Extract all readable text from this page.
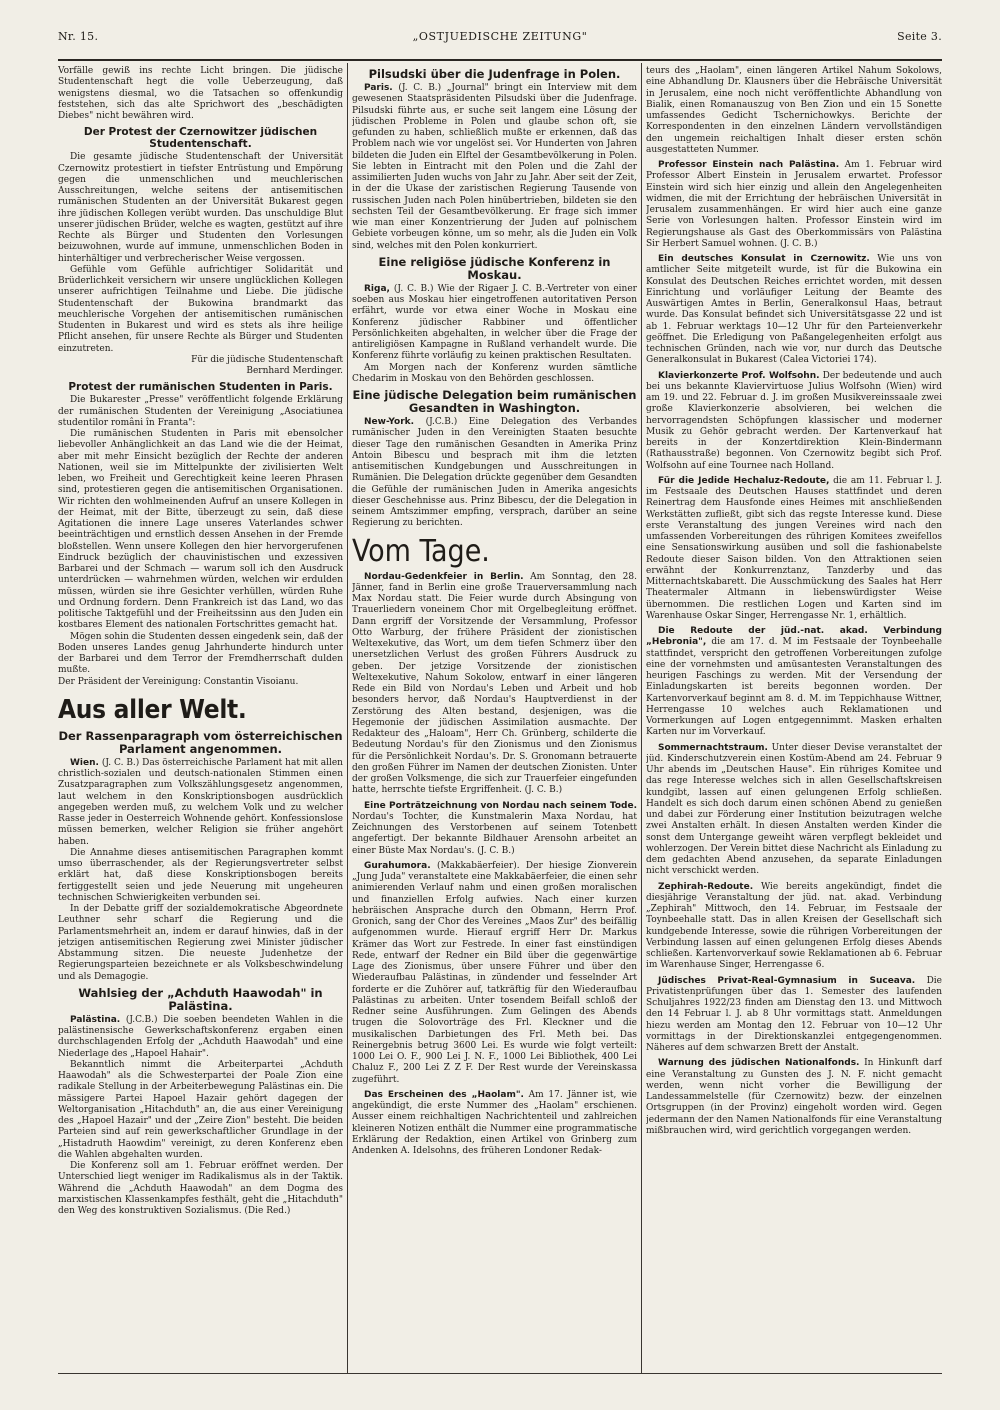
Nr. 15.	„OSTJUEDISCHE ZEITUNG"	Seite 3.

Vorfälle gewiß ins rechte Licht bringen. Die jüdische Studentenschaft hegt die volle Ueberzeugung, daß wenigstens diesmal, wo die Tatsachen so offenkundig feststehen, sich das alte Sprichwort des „beschädigten Diebes" nicht bewähren wird.

Der Protest der Czernowitzer jüdischen Studentenschaft.

Die gesamte jüdische Studentenschaft der Universität Czernowitz protestiert in tiefster Entrüstung und Empörung gegen die unmenschlichen und meuchlerischen Ausschreitungen, welche seitens der antisemitischen rumänischen Studenten an der Universität Bukarest gegen ihre jüdischen Kollegen verübt wurden. Das unschuldige Blut unserer jüdischen Brüder, welche es wagten, gestützt auf ihre Rechte als Bürger und Studenten den Vorlesungen beizuwohnen, wurde auf immune, unmenschlichen Boden in hinterhältiger und verbrecherischer Weise vergossen.

Gefühle vom Gefühle aufrichtiger Solidarität und Brüderlichkeit versichern wir unsere unglücklichen Kollegen unserer aufrichtigen Teilnahme und Liebe. Die jüdische Studentenschaft der Bukowina brandmarkt das meuchlerische Vorgehen der antisemitischen rumänischen Studenten in Bukarest und wird es stets als ihre heilige Pflicht ansehen, für unsere Rechte als Bürger und Studenten einzutreten.

Für die jüdische Studentenschaft
Bernhard Merdinger.
Protest der rumänischen Studenten in Paris.

Die Bukarester „Presse" veröffentlicht folgende Erklärung der rumänischen Studenten der Vereinigung „Asociatiunea studentilor români în Franta":

Die rumänischen Studenten in Paris mit ebensolcher liebevoller Anhänglichkeit an das Land wie die der Heimat, aber mit mehr Einsicht bezüglich der Rechte der anderen Nationen, weil sie im Mittelpunkte der zivilisierten Welt leben, wo Freiheit und Gerechtigkeit keine leeren Phrasen sind, protestieren gegen die antisemitischen Organisationen. Wir richten den wohlmeinenden Aufruf an unsere Kollegen in der Heimat, mit der Bitte, überzeugt zu sein, daß diese Agitationen die innere Lage unseres Vaterlandes schwer beeinträchtigen und ernstlich dessen Ansehen in der Fremde bloßstellen. Wenn unsere Kollegen den hier hervorgerufenen Eindruck bezüglich der chauvinistischen und exzessiven Barbarei und der Schmach — warum soll ich den Ausdruck unterdrücken — wahrnehmen würden, welchen wir erdulden müssen, würden sie ihre Gesichter verhüllen, würden Ruhe und Ordnung fordern. Denn Frankreich ist das Land, wo das politische Taktgefühl und der Freiheitssinn aus den Juden ein kostbares Element des nationalen Fortschrittes gemacht hat.

Mögen sohin die Studenten dessen eingedenk sein, daß der Boden unseres Landes genug Jahrhunderte hindurch unter der Barbarei und dem Terror der Fremdherrschaft dulden mußte.

Der Präsident der Vereinigung: Constantin Visoianu.

Aus aller Welt.
Der Rassenparagraph vom österreichischen Parlament angenommen.

Wien. (J. C. B.) Das österreichische Parlament hat mit allen christlich-sozialen und deutsch-nationalen Stimmen einen Zusatzparagraphen zum Volkszählungsgesetz angenommen, laut welchem in den Konskriptionsbogen ausdrücklich angegeben werden muß, zu welchem Volk und zu welcher Rasse jeder in Oesterreich Wohnende gehört. Konfessionslose müssen bemerken, welcher Religion sie früher angehört haben.

Die Annahme dieses antisemitischen Paragraphen kommt umso überraschender, als der Regierungsvertreter selbst erklärt hat, daß diese Konskriptionsbogen bereits fertiggestellt seien und jede Neuerung mit ungeheuren technischen Schwierigkeiten verbunden sei.

In der Debatte griff der sozialdemokratische Abgeordnete Leuthner sehr scharf die Regierung und die Parlamentsmehrheit an, indem er darauf hinwies, daß in der jetzigen antisemitischen Regierung zwei Minister jüdischer Abstammung sitzen. Die neueste Judenhetze der Regierungsparteien bezeichnete er als Volksbeschwindelung und als Demagogie.

Wahlsieg der „Achduth Haawodah" in Palästina.

Palästina. (J.C.B.) Die soeben beendeten Wahlen in die palästinensische Gewerkschaftskonferenz ergaben einen durchschlagenden Erfolg der „Achduth Haawodah" und eine Niederlage des „Hapoel Hahair".

Bekanntlich nimmt die Arbeiterpartei „Achduth Haawodah" als die Schwesterpartei der Poale Zion eine radikale Stellung in der Arbeiterbewegung Palästinas ein. Die mässigere Partei Hapoel Hazair gehört dagegen der Weltorganisation „Hitachduth" an, die aus einer Vereinigung des „Hapoel Hazair" und der „Zeire Zion" besteht. Die beiden Parteien sind auf rein gewerkschaftlicher Grundlage in der „Histadruth Haowdim" vereinigt, zu deren Konferenz eben die Wahlen abgehalten wurden.

Die Konferenz soll am 1. Februar eröffnet werden. Der Unterschied liegt weniger im Radikalismus als in der Taktik. Während die „Achduth Haawodah" an dem Dogma des marxistischen Klassenkampfes festhält, geht die „Hitachduth" den Weg des konstruktiven Sozialismus. (Die Red.)

Pilsudski über die Judenfrage in Polen.

Paris. (J. C. B.) „Journal" bringt ein Interview mit dem gewesenen Staatspräsidenten Pilsudski über die Judenfrage. Pilsudski führte aus, er suche seit langem eine Lösung der jüdischen Probleme in Polen und glaube schon oft, sie gefunden zu haben, schließlich mußte er erkennen, daß das Problem nach wie vor ungelöst sei. Vor Hunderten von Jahren bildeten die Juden ein Elftel der Gesamtbevölkerung in Polen. Sie lebten in Eintracht mit den Polen und die Zahl der assimilierten Juden wuchs von Jahr zu Jahr. Aber seit der Zeit, in der die Ukase der zaristischen Regierung Tausende von russischen Juden nach Polen hinübertrieben, bildeten sie den sechsten Teil der Gesamtbevölkerung. Er frage sich immer wie man einer Konzentrierung der Juden auf polnischem Gebiete vorbeugen könne, um so mehr, als die Juden ein Volk sind, welches mit den Polen konkurriert.

Eine religiöse jüdische Konferenz in Moskau.

Riga, (J. C. B.) Wie der Rigaer J. C. B.-Vertreter von einer soeben aus Moskau hier eingetroffenen autoritativen Person erfährt, wurde vor etwa einer Woche in Moskau eine Konferenz jüdischer Rabbiner und öffentlicher Persönlichkeiten abgehalten, in welcher über die Frage der antireligiösen Kampagne in Rußland verhandelt wurde. Die Konferenz führte vorläufig zu keinen praktischen Resultaten.

Am Morgen nach der Konferenz wurden sämtliche Chedarim in Moskau von den Behörden geschlossen.

Eine jüdische Delegation beim rumänischen Gesandten in Washington.

New-York. (J.C.B.) Eine Delegation des Verbandes rumänischer Juden in den Vereinigten Staaten besuchte dieser Tage den rumänischen Gesandten in Amerika Prinz Antoin Bibescu und besprach mit ihm die letzten antisemitischen Kundgebungen und Ausschreitungen in Rumänien. Die Delegation drückte gegenüber dem Gesandten die Gefühle der rumänischen Juden in Amerika angesichts dieser Geschehnisse aus. Prinz Bibescu, der die Delegation in seinem Amtszimmer empfing, versprach, darüber an seine Regierung zu berichten.

Vom Tage.

Nordau-Gedenkfeier in Berlin. Am Sonntag, den 28. Jänner, fand in Berlin eine große Trauerversammlung nach Max Nordau statt. Die Feier wurde durch Absingung von Trauerliedern voneinem Chor mit Orgelbegleitung eröffnet. Dann ergriff der Vorsitzende der Versammlung, Professor Otto Warburg, der frühere Präsident der zionistischen Weltexekutive, das Wort, um dem tiefen Schmerz über den unersetzlichen Verlust des großen Führers Ausdruck zu geben. Der jetzige Vorsitzende der zionistischen Weltexekutive, Nahum Sokolow, entwarf in einer längeren Rede ein Bild von Nordau's Leben und Arbeit und hob besonders hervor, daß Nordau's Hauptverdienst in der Zerstörung des Alten bestand, desjenigen, was die Hegemonie der jüdischen Assimilation ausmachte. Der Redakteur des „Haloam", Herr Ch. Grünberg, schilderte die Bedeutung Nordau's für den Zionismus und den Zionismus für die Persönlichkeit Nordau's. Dr. S. Gronomann betrauerte den großen Führer im Namen der deutschen Zionisten. Unter der großen Volksmenge, die sich zur Trauerfeier eingefunden hatte, herrschte tiefste Ergriffenheit. (J. C. B.)

Eine Porträtzeichnung von Nordau nach seinem Tode. Nordau's Tochter, die Kunstmalerin Maxa Nordau, hat Zeichnungen des Verstorbenen auf seinem Totenbett angefertigt. Der bekannte Bildhauer Arensohn arbeitet an einer Büste Max Nordau's. (J. C. B.)

Gurahumora. (Makkabäerfeier). Der hiesige Zionverein „Jung Juda" veranstaltete eine Makkabäerfeier, die einen sehr animierenden Verlauf nahm und einen großen moralischen und finanziellen Erfolg aufwies. Nach einer kurzen hebräischen Ansprache durch den Obmann, Herrn Prof. Gronich, sang der Chor des Vereines „Maos Zur" des beifällig aufgenommen wurde. Hierauf ergriff Herr Dr. Markus Krämer das Wort zur Festrede. In einer fast einstündigen Rede, entwarf der Redner ein Bild über die gegenwärtige Lage des Zionismus, über unsere Führer und über den Wiederaufbau Palästinas, in zündender und fesselnder Art forderte er die Zuhörer auf, tatkräftig für den Wiederaufbau Palästinas zu arbeiten. Unter tosendem Beifall schloß der Redner seine Ausführungen. Zum Gelingen des Abends trugen die Solovorträge des Frl. Kleckner und die musikalischen Darbietungen des Frl. Meth bei. Das Reinergebnis betrug 3600 Lei. Es wurde wie folgt verteilt: 1000 Lei O. F., 900 Lei J. N. F., 1000 Lei Bibliothek, 400 Lei Chaluz F., 200 Lei Z Z F. Der Rest wurde der Vereinskassa zugeführt.

Das Erscheinen des „Haolam". Am 17. Jänner ist, wie angekündigt, die erste Nummer des „Haolam" erschienen. Ausser einem reichhaltigen Nachrichtenteil und zahlreichen kleineren Notizen enthält die Nummer eine programmatische Erklärung der Redaktion, einen Artikel von Grinberg zum Andenken A. Idelsohns, des früheren Londoner Redak-

teurs des „Haolam", einen längeren Artikel Nahum Sokolows, eine Abhandlung Dr. Klausners über die Hebräische Universität in Jerusalem, eine noch nicht veröffentlichte Abhandlung von Bialik, einen Romanauszug von Ben Zion und ein 15 Sonette umfassendes Gedicht Tschernichowkys. Berichte der Korrespondenten in den einzelnen Ländern vervollständigen den ungemein reichaltigen Inhalt dieser ersten schön ausgestatteten Nummer.

Professor Einstein nach Palästina. Am 1. Februar wird Professor Albert Einstein in Jerusalem erwartet. Professor Einstein wird sich hier einzig und allein den Angelegenheiten widmen, die mit der Errichtung der hebräischen Universität in Jerusalem zusammenhängen. Er wird hier auch eine ganze Serie von Vorlesungen halten. Professor Einstein wird im Regierungshause als Gast des Oberkommissärs von Palästina Sir Herbert Samuel wohnen. (J. C. B.)

Ein deutsches Konsulat in Czernowitz. Wie uns von amtlicher Seite mitgeteilt wurde, ist für die Bukowina ein Konsulat des Deutschen Reiches errichtet worden, mit dessen Einrichtung und vorläufiger Leitung der Beamte des Auswärtigen Amtes in Berlin, Generalkonsul Haas, betraut wurde. Das Konsulat befindet sich Universitätsgasse 22 und ist ab 1. Februar werktags 10—12 Uhr für den Parteienverkehr geöffnet. Die Erledigung von Paßangelegenheiten erfolgt aus technischen Gründen, nach wie vor, nur durch das Deutsche Generalkonsulat in Bukarest (Calea Victoriei 174).

Klavierkonzerte Prof. Wolfsohn. Der bedeutende und auch bei uns bekannte Klaviervirtuose Julius Wolfsohn (Wien) wird am 19. und 22. Februar d. J. im großen Musikvereinssaale zwei große Klavierkonzerie absolvieren, bei welchen die hervorragendsten Schöpfungen klassischer und moderner Musik zu Gehör gebracht werden. Der Kartenverkauf hat bereits in der Konzertdirektion Klein-Bindermann (Rathausstraße) begonnen. Von Czernowitz begibt sich Prof. Wolfsohn auf eine Tournee nach Holland.

Für die Jedide Hechaluz-Redoute, die am 11. Februar l. J. im Festsaale des Deutschen Hauses stattfindet und deren Reinertrag dem Hausfonde eines Heimes mit anschließenden Werkstätten zufließt, gibt sich das regste Interesse kund. Diese erste Veranstaltung des jungen Vereines wird nach den umfassenden Vorbereitungen des rührigen Komitees zweifellos eine Sensationswirkung ausüben und soll die fashionabelste Redoute dieser Saison bilden. Von den Attraktionen seien erwähnt der Konkurrenztanz, Tanzderby und das Mitternachtskabarett. Die Ausschmückung des Saales hat Herr Theatermaler Altmann in liebenswürdigster Weise übernommen. Die restlichen Logen und Karten sind im Warenhause Oskar Singer, Herrengasse Nr. 1, erhältlich.

Die Redoute der jüd.-nat. akad. Verbindung „Hebronia", die am 17. d. M im Festsaale der Toynbeehalle stattfindet, verspricht den getroffenen Vorbereitungen zufolge eine der vornehmsten und amüsantesten Veranstaltungen des heurigen Faschings zu werden. Mit der Versendung der Einladungskarten ist bereits begonnen worden. Der Kartenvorverkauf beginnt am 8. d. M. im Teppichhause Wittner, Herrengasse 10 welches auch Reklamationen und Vormerkungen auf Logen entgegennimmt. Masken erhalten Karten nur im Vorverkauf.

Sommernachtstraum. Unter dieser Devise veranstaltet der jüd. Kinderschutzverein einen Kostüm-Abend am 24. Februar 9 Uhr abends im „Deutschen Hause". Ein rühriges Komitee und das rege Interesse welches sich in allen Gesellschaftskreisen kundgibt, lassen auf einen gelungenen Erfolg schließen. Handelt es sich doch darum einen schönen Abend zu genießen und dabei zur Förderung einer Institution beizutragen welche zwei Anstalten erhält. In diesen Anstalten werden Kinder die sonst dem Untergange geweiht wären verpflegt bekleidet und wohlerzogen. Der Verein bittet diese Nachricht als Einladung zu dem gedachten Abend anzusehen, da separate Einladungen nicht verschickt werden.

Zephirah-Redoute. Wie bereits angekündigt, findet die diesjährige Veranstaltung der jüd. nat. akad. Verbindung „Zephirah" Mittwoch, den 14. Februar, im Festsaale der Toynbeehalle statt. Das in allen Kreisen der Gesellschaft sich kundgebende Interesse, sowie die rührigen Vorbereitungen der Verbindung lassen auf einen gelungenen Erfolg dieses Abends schließen. Kartenvorverkauf sowie Reklamationen ab 6. Februar im Warenhause Singer, Herrengasse 6.

Jüdisches Privat-Real-Gymnasium in Suceava. Die Privatistenprüfungen über das 1. Semester des laufenden Schuljahres 1922/23 finden am Dienstag den 13. und Mittwoch den 14 Februar l. J. ab 8 Uhr vormittags statt. Anmeldungen hiezu werden am Montag den 12. Februar von 10—12 Uhr vormittags in der Direktionskanzlei entgegengenommen. Näheres auf dem schwarzen Brett der Anstalt.

Warnung des jüdischen Nationalfonds. In Hinkunft darf eine Veranstaltung zu Gunsten des J. N. F. nicht gemacht werden, wenn nicht vorher die Bewilligung der Landessammelstelle (für Czernowitz) bezw. der einzelnen Ortsgruppen (in der Provinz) eingeholt worden wird. Gegen jedermann der den Namen Nationalfonds für eine Veranstaltung mißbrauchen wird, wird gerichtlich vorgegangen werden.
